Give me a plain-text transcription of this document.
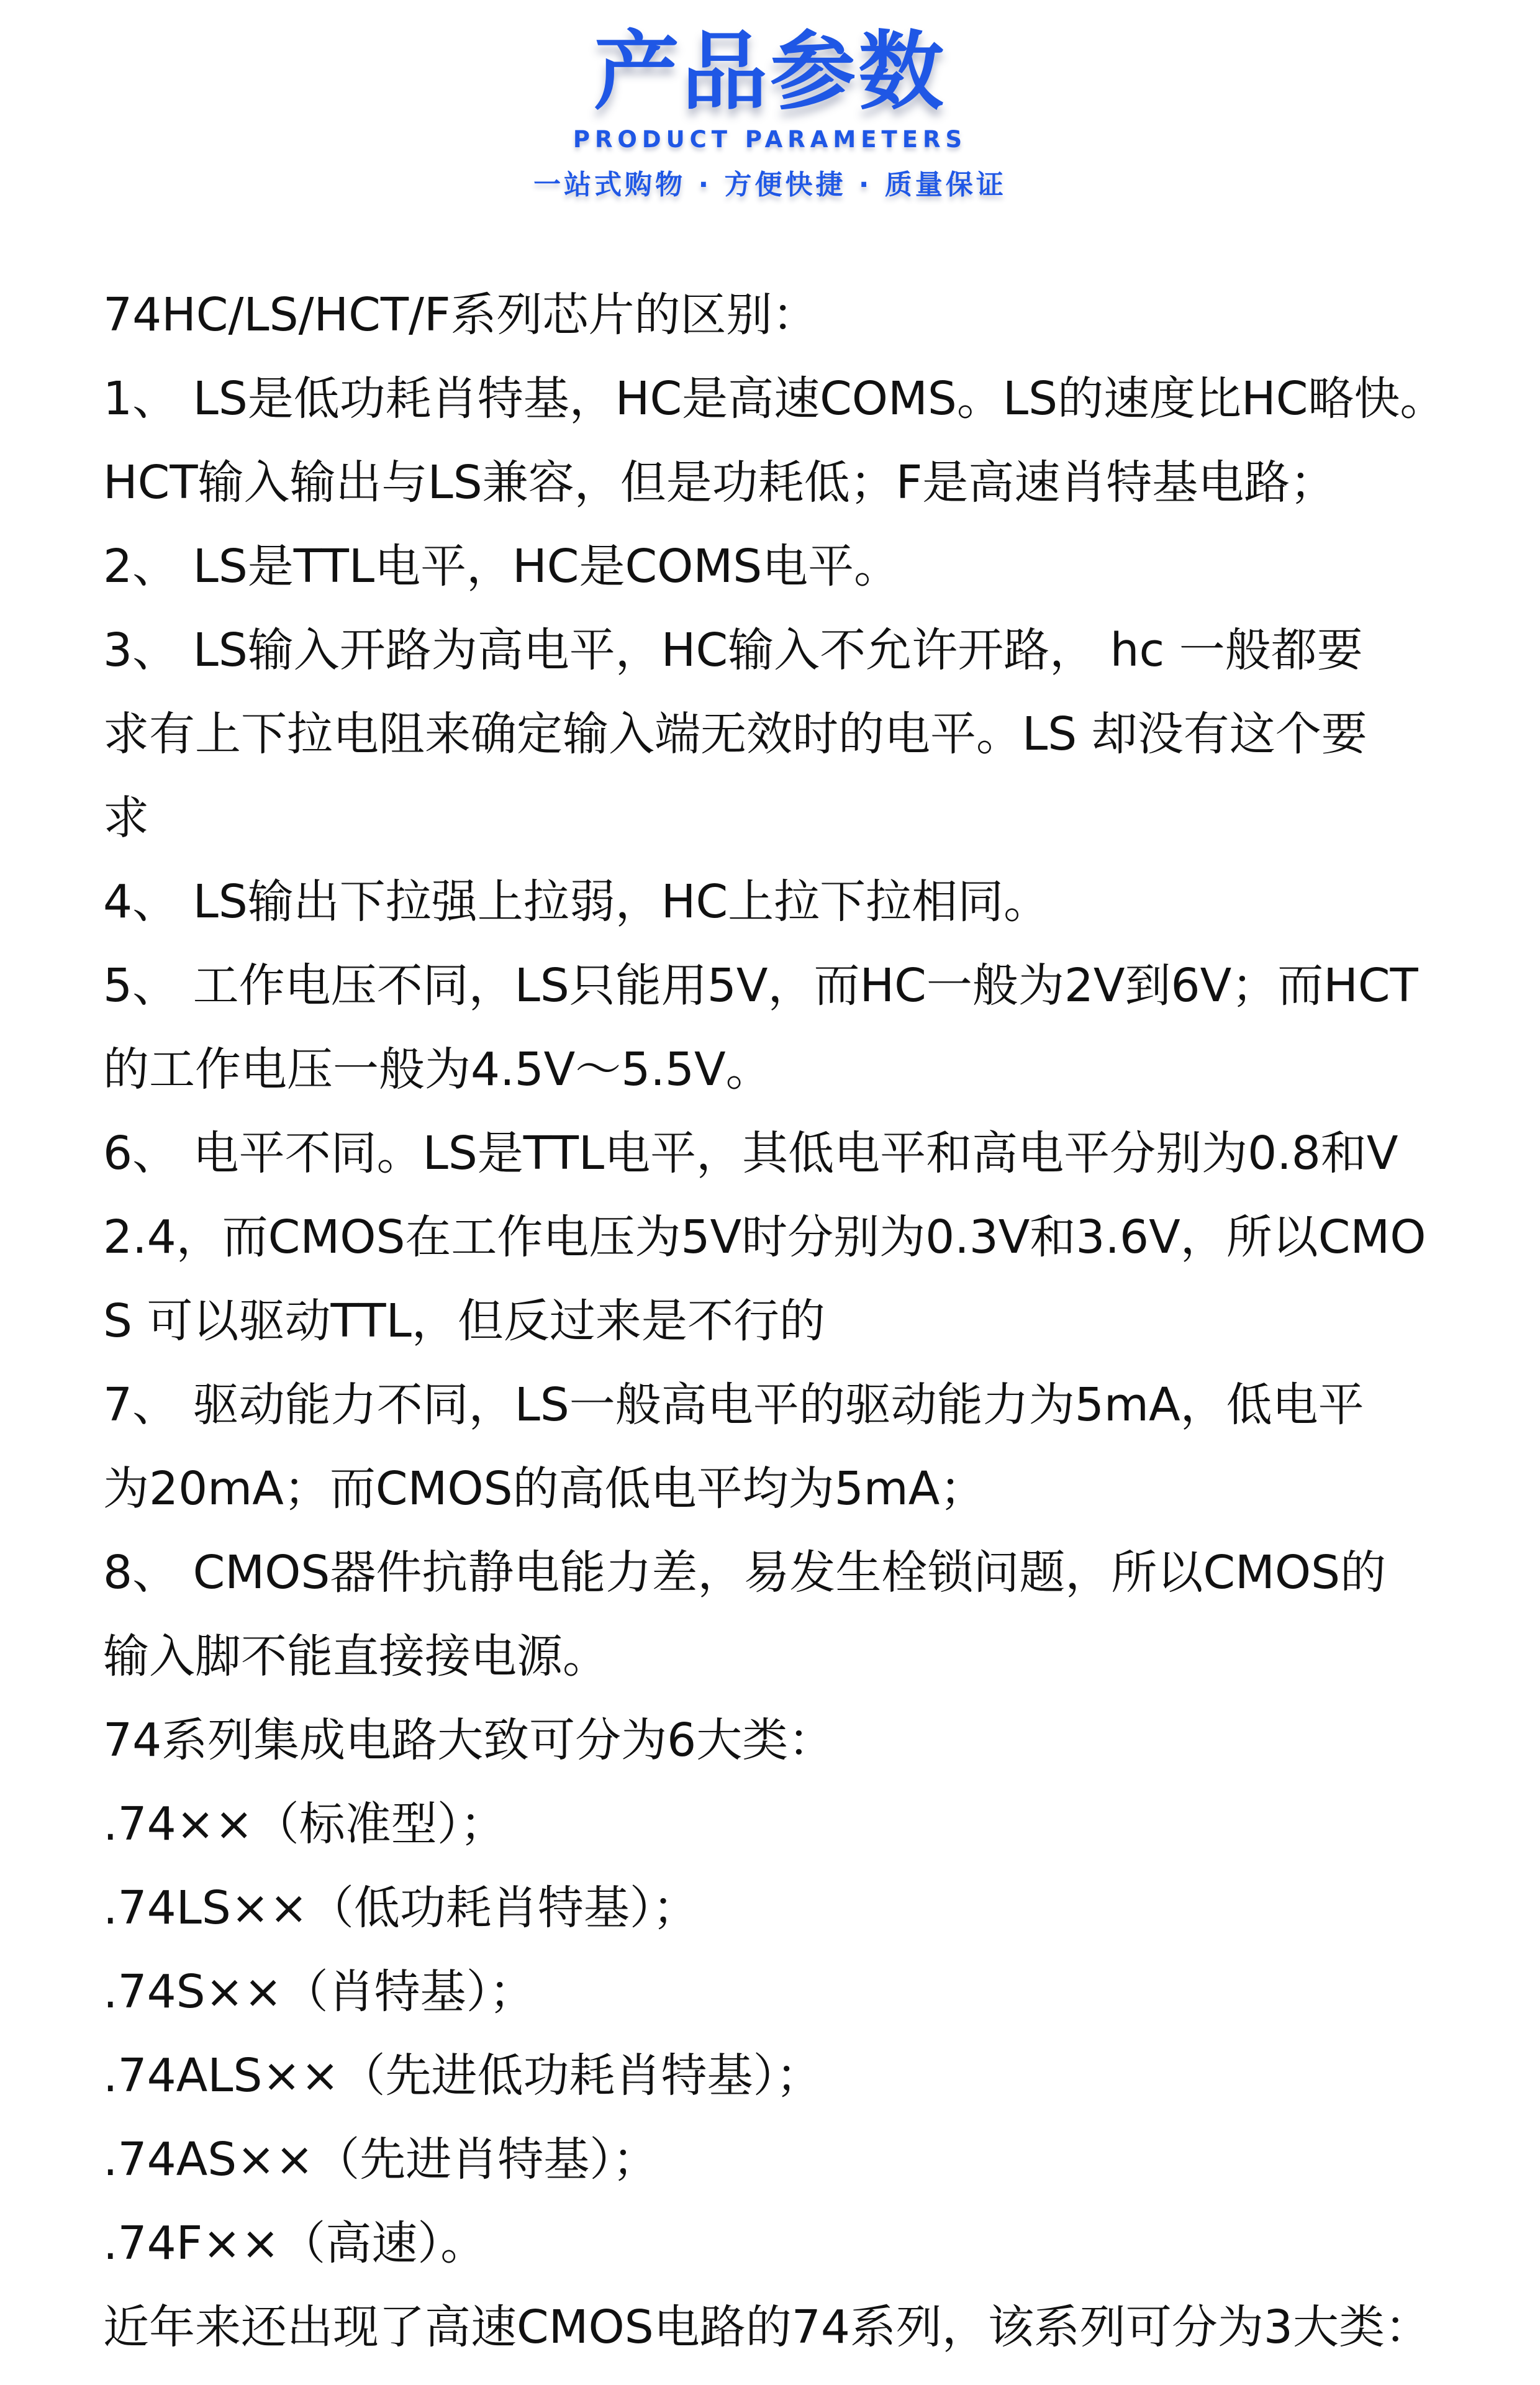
产品参数
PRODUCT PARAMETERS
一站式购物 · 方便快捷 · 质量保证
74HC/LS/HCT/F系列芯片的区别：
1、 LS是低功耗肖特基，HC是高速COMS。LS的速度比HC略快。
HCT输入输出与LS兼容，但是功耗低；F是高速肖特基电路；
2、 LS是TTL电平，HC是COMS电平。
3、 LS输入开路为高电平，HC输入不允许开路， hc 一般都要
求有上下拉电阻来确定输入端无效时的电平。LS 却没有这个要
求
4、 LS输出下拉强上拉弱，HC上拉下拉相同。
5、 工作电压不同，LS只能用5V，而HC一般为2V到6V；而HCT
的工作电压一般为4.5V～5.5V。
6、 电平不同。LS是TTL电平，其低电平和高电平分别为0.8和V
2.4，而CMOS在工作电压为5V时分别为0.3V和3.6V，所以CMO
S 可以驱动TTL，但反过来是不行的
7、 驱动能力不同，LS一般高电平的驱动能力为5mA，低电平
为20mA；而CMOS的高低电平均为5mA；
8、 CMOS器件抗静电能力差，易发生栓锁问题，所以CMOS的
输入脚不能直接接电源。
74系列集成电路大致可分为6大类：
.74××（标准型）；
.74LS××（低功耗肖特基）；
.74S××（肖特基）；
.74ALS××（先进低功耗肖特基）；
.74AS××（先进肖特基）；
.74F××（高速）。
近年来还出现了高速CMOS电路的74系列，该系列可分为3大类：
